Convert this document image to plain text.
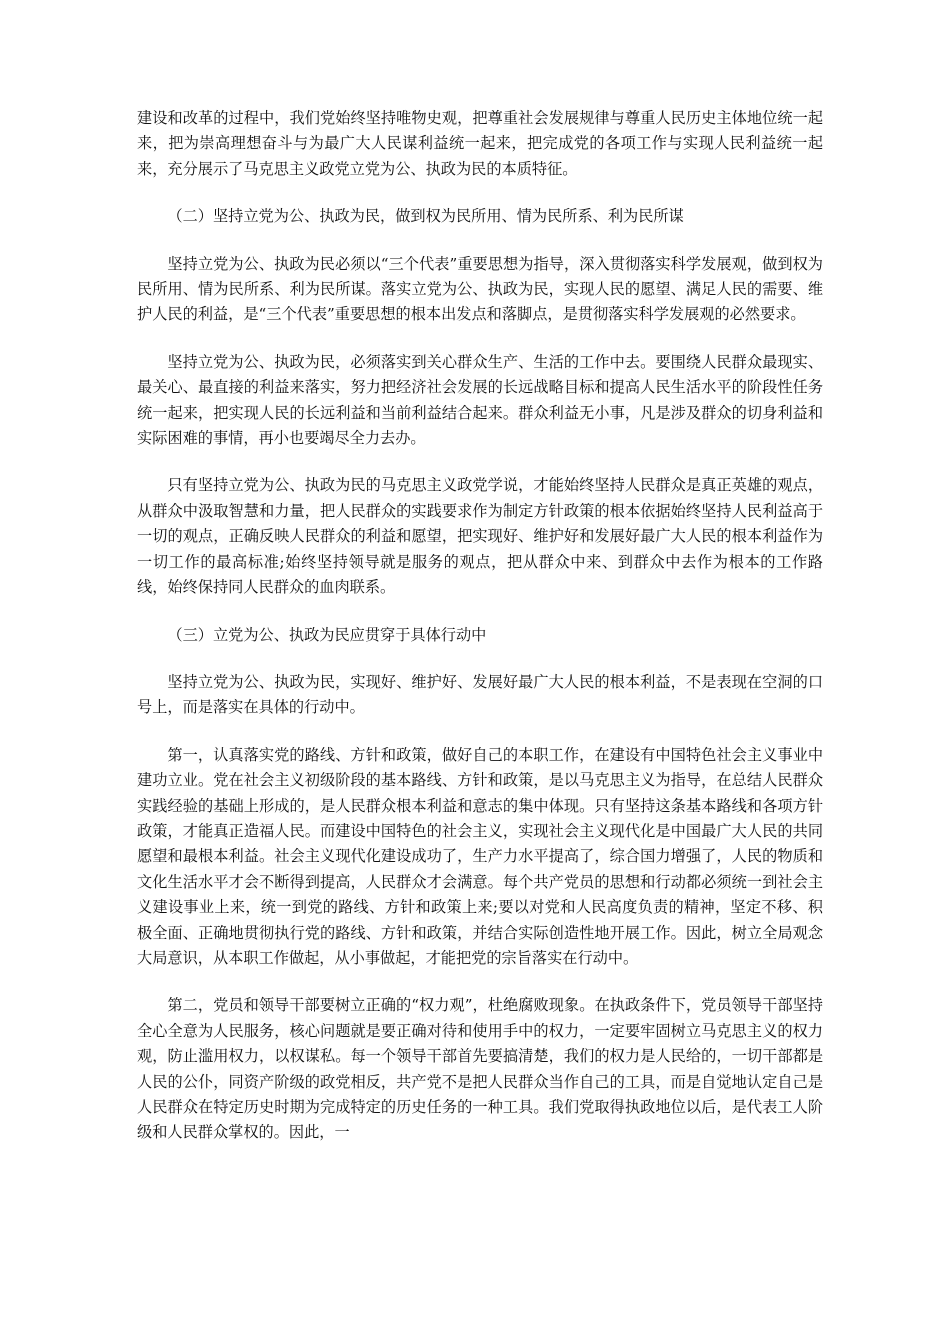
建设和改革的过程中，我们党始终坚持唯物史观，把尊重社会发展规律与尊重人民历史主体地位统一起来，把为崇高理想奋斗与为最广大人民谋利益统一起来，把完成党的各项工作与实现人民利益统一起来，充分展示了马克思主义政党立党为公、执政为民的本质特征。

（二）坚持立党为公、执政为民，做到权为民所用、情为民所系、利为民所谋

坚持立党为公、执政为民必须以“三个代表”重要思想为指导，深入贯彻落实科学发展观，做到权为民所用、情为民所系、利为民所谋。落实立党为公、执政为民，实现人民的愿望、满足人民的需要、维护人民的利益，是“三个代表”重要思想的根本出发点和落脚点，是贯彻落实科学发展观的必然要求。

坚持立党为公、执政为民，必须落实到关心群众生产、生活的工作中去。要围绕人民群众最现实、最关心、最直接的利益来落实，努力把经济社会发展的长远战略目标和提高人民生活水平的阶段性任务统一起来，把实现人民的长远利益和当前利益结合起来。群众利益无小事，凡是涉及群众的切身利益和实际困难的事情，再小也要竭尽全力去办。

只有坚持立党为公、执政为民的马克思主义政党学说，才能始终坚持人民群众是真正英雄的观点，从群众中汲取智慧和力量，把人民群众的实践要求作为制定方针政策的根本依据始终坚持人民利益高于一切的观点，正确反映人民群众的利益和愿望，把实现好、维护好和发展好最广大人民的根本利益作为一切工作的最高标准;始终坚持领导就是服务的观点，把从群众中来、到群众中去作为根本的工作路线，始终保持同人民群众的血肉联系。

（三）立党为公、执政为民应贯穿于具体行动中

坚持立党为公、执政为民，实现好、维护好、发展好最广大人民的根本利益，不是表现在空洞的口号上，而是落实在具体的行动中。

第一，认真落实党的路线、方针和政策，做好自己的本职工作，在建设有中国特色社会主义事业中建功立业。党在社会主义初级阶段的基本路线、方针和政策，是以马克思主义为指导，在总结人民群众实践经验的基础上形成的，是人民群众根本利益和意志的集中体现。只有坚持这条基本路线和各项方针政策，才能真正造福人民。而建设中国特色的社会主义，实现社会主义现代化是中国最广大人民的共同愿望和最根本利益。社会主义现代化建设成功了，生产力水平提高了，综合国力增强了，人民的物质和文化生活水平才会不断得到提高，人民群众才会满意。每个共产党员的思想和行动都必须统一到社会主义建设事业上来，统一到党的路线、方针和政策上来;要以对党和人民高度负责的精神，坚定不移、积极全面、正确地贯彻执行党的路线、方针和政策，并结合实际创造性地开展工作。因此，树立全局观念大局意识，从本职工作做起，从小事做起，才能把党的宗旨落实在行动中。

第二，党员和领导干部要树立正确的“权力观”，杜绝腐败现象。在执政条件下，党员领导干部坚持全心全意为人民服务，核心问题就是要正确对待和使用手中的权力，一定要牢固树立马克思主义的权力观，防止滥用权力，以权谋私。每一个领导干部首先要搞清楚，我们的权力是人民给的，一切干部都是人民的公仆，同资产阶级的政党相反，共产党不是把人民群众当作自己的工具，而是自觉地认定自己是人民群众在特定历史时期为完成特定的历史任务的一种工具。我们党取得执政地位以后，是代表工人阶级和人民群众掌权的。因此，一
